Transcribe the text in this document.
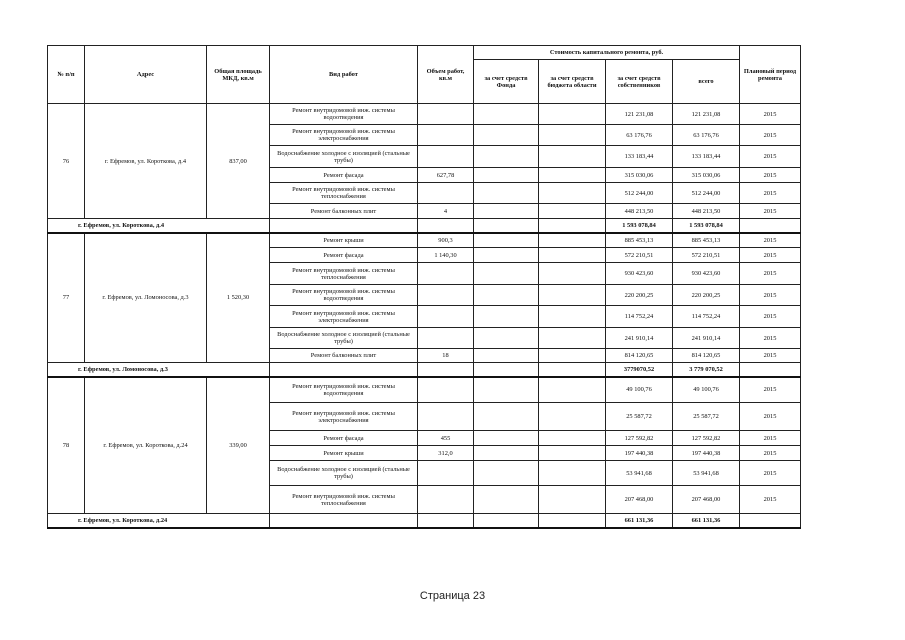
№ п/п	Адрес	Общая площадь МКД, кв.м	Вид работ	Объем работ, кв.м	Стоимость капитального ремонта, руб.				Плановый период ремонта
					за счет средств Фонда	за счет средств бюджета области	за счет средств собственников	всего	
76	г. Ефремов, ул. Короткова, д.4	837,00	Ремонт внутридомовой инж. системы водоотведения				121 231,08	121 231,08	2015
			Ремонт внутридомовой инж. системы электроснабжения				63 176,76	63 176,76	2015
			Водоснабжение холодное с изоляцией (стальные трубы)				133 183,44	133 183,44	2015
			Ремонт фасада	627,78			315 030,06	315 030,06	2015
			Ремонт внутридомовой инж. системы теплоснабжения				512 244,00	512 244,00	2015
			Ремонт балконных плит	4			448 213,50	448 213,50	2015
г. Ефремов, ул. Короткова, д.4							1 593 078,84	1 593 078,84	
77	г. Ефремов, ул. Ломоносова, д.3	1 520,30	Ремонт крыши	900,3			885 453,13	885 453,13	2015
			Ремонт фасада	1 140,30			572 210,51	572 210,51	2015
			Ремонт внутридомовой инж. системы теплоснабжения				930 423,60	930 423,60	2015
			Ремонт внутридомовой инж. системы водоотведения				220 200,25	220 200,25	2015
			Ремонт внутридомовой инж. системы электроснабжения				114 752,24	114 752,24	2015
			Водоснабжение холодное с изоляцией (стальные трубы)				241 910,14	241 910,14	2015
			Ремонт балконных плит	18			814 120,65	814 120,65	2015
г. Ефремов, ул. Ломоносова, д.3							3779070,52	3 779 070,52	
78	г. Ефремов, ул. Короткова, д.24	339,00	Ремонт внутридомовой инж. системы водоотведения				49 100,76	49 100,76	2015
			Ремонт внутридомовой инж. системы электроснабжения				25 587,72	25 587,72	2015
			Ремонт фасада	455			127 592,82	127 592,82	2015
			Ремонт крыши	312,0			197 440,38	197 440,38	2015
			Водоснабжение холодное с изоляцией (стальные трубы)				53 941,68	53 941,68	2015
			Ремонт внутридомовой инж. системы теплоснабжения				207 468,00	207 468,00	2015
г. Ефремов, ул. Короткова, д.24							661 131,36	661 131,36	
Страница 23
